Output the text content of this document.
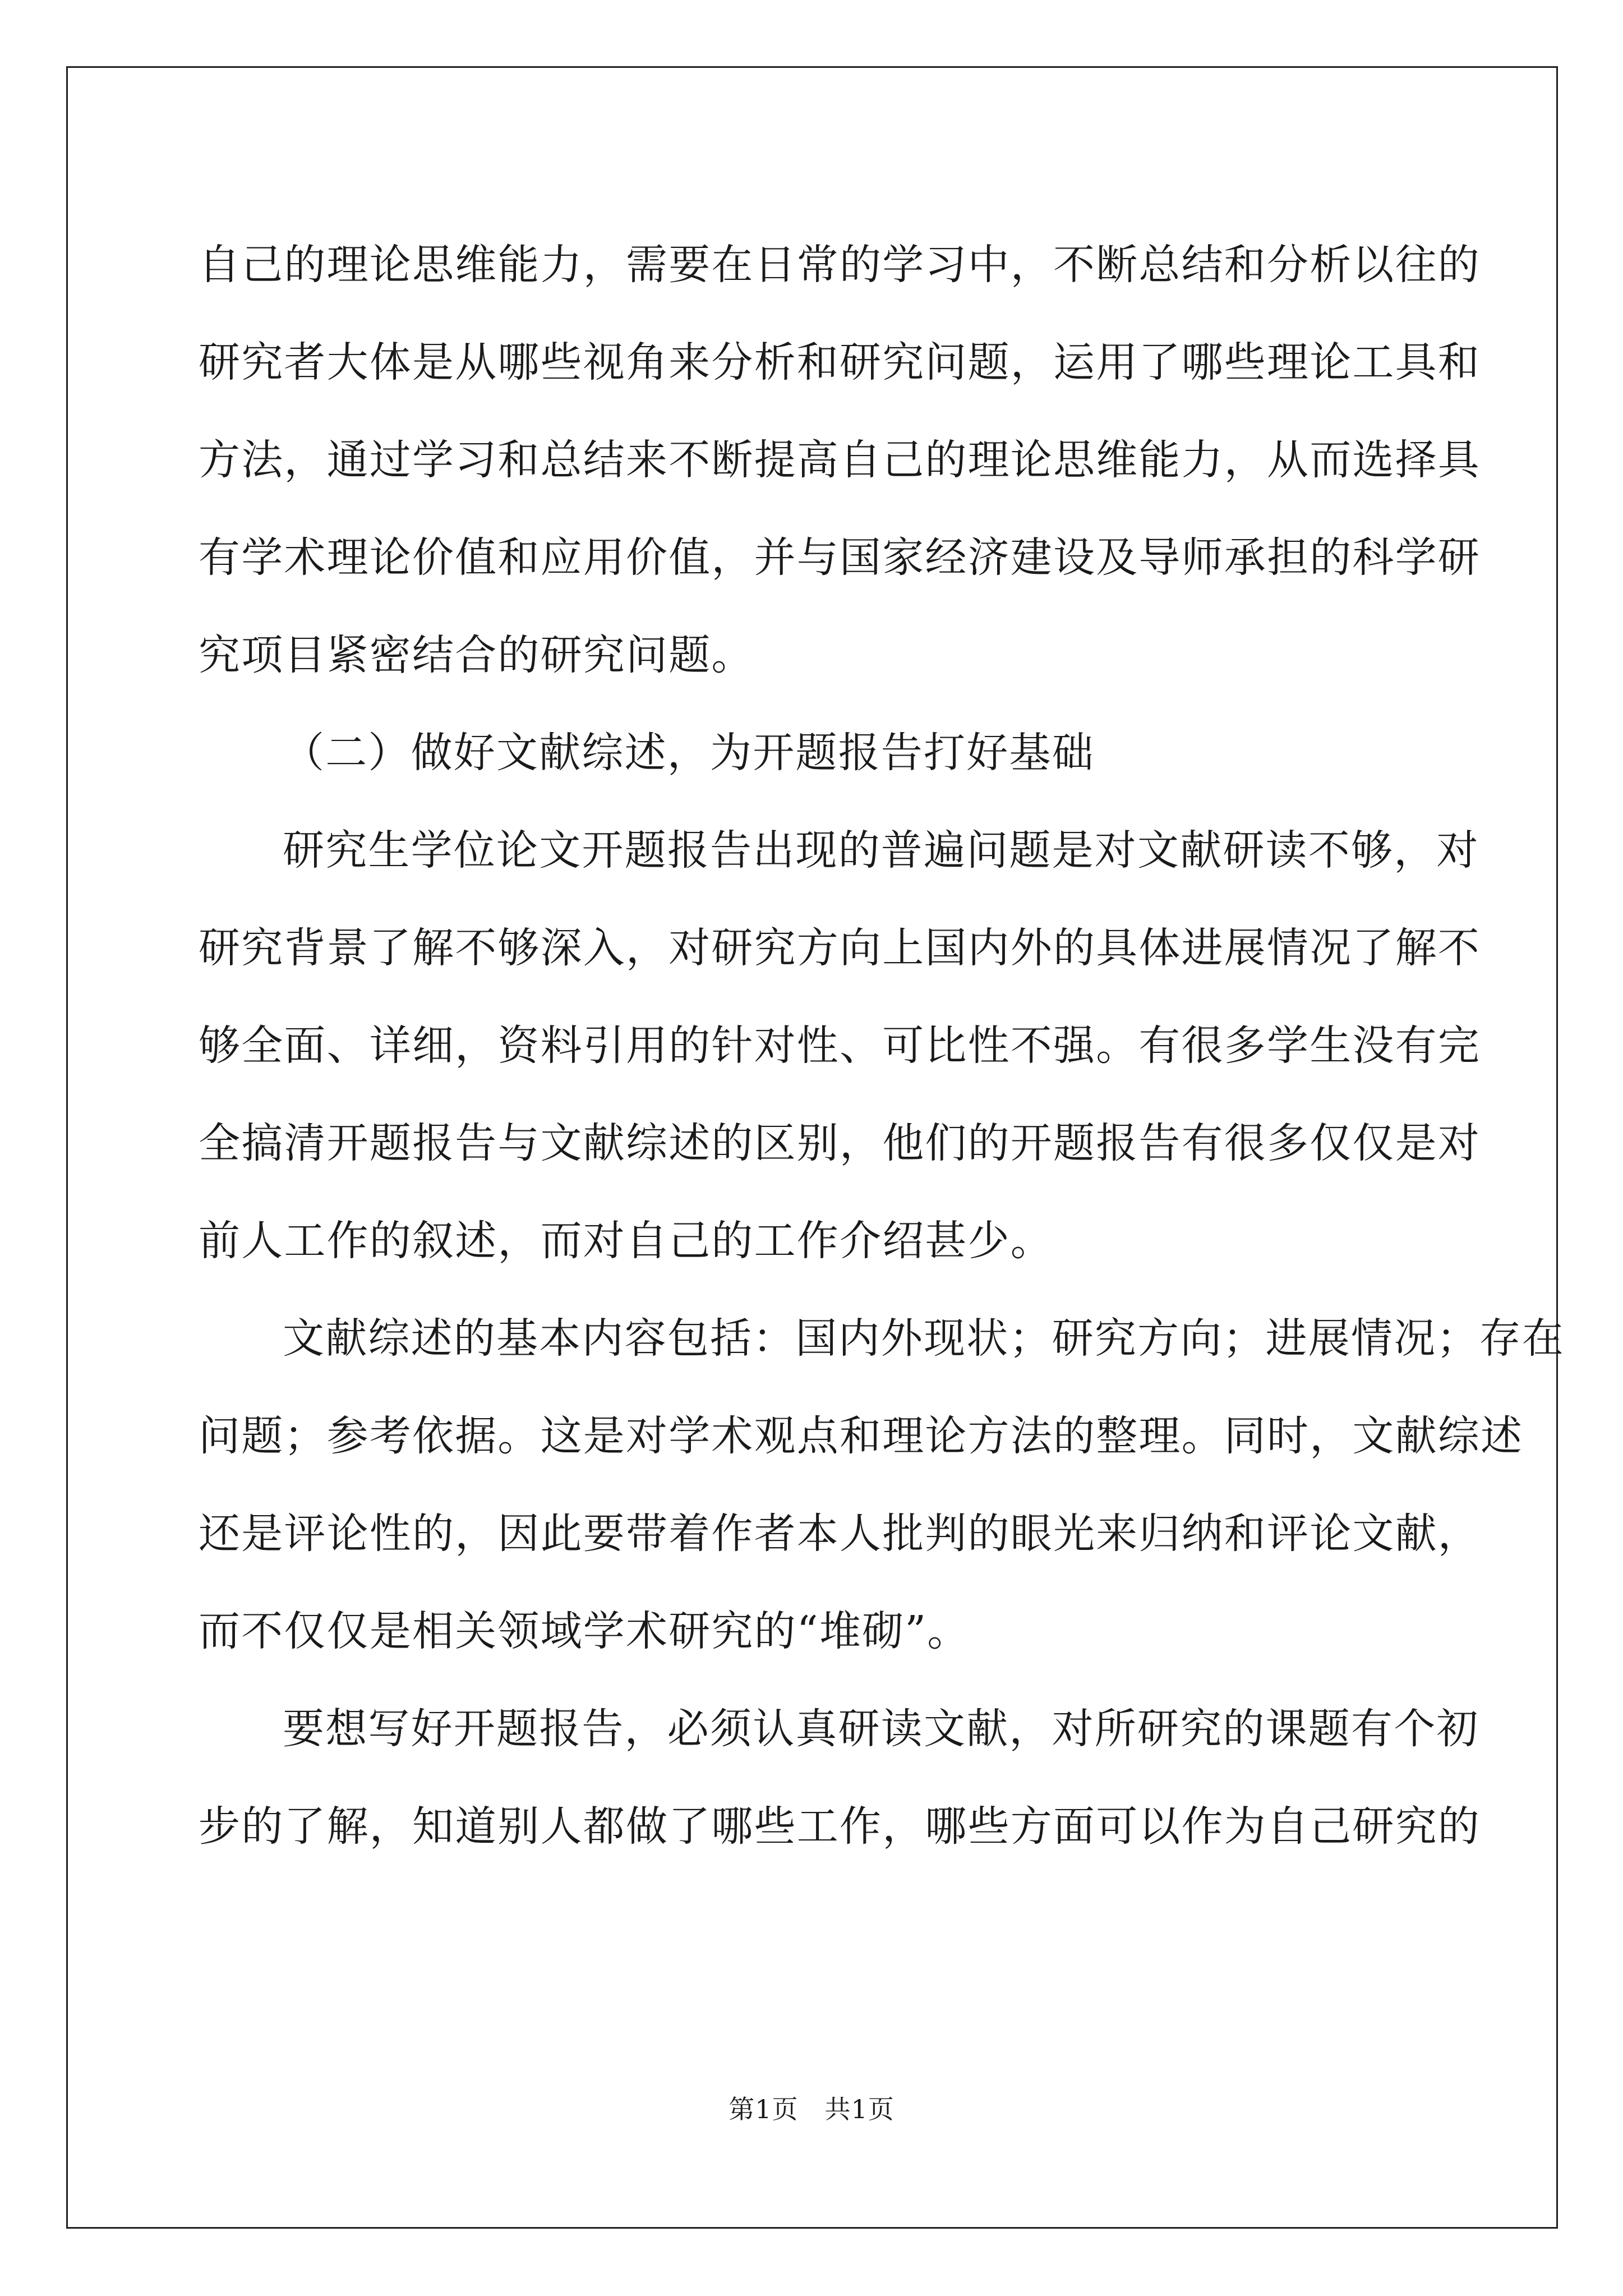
自己的理论思维能力，需要在日常的学习中，不断总结和分析以往的
研究者大体是从哪些视角来分析和研究问题，运用了哪些理论工具和
方法，通过学习和总结来不断提高自己的理论思维能力，从而选择具
有学术理论价值和应用价值，并与国家经济建设及导师承担的科学研
究项目紧密结合的研究问题。

（二）做好文献综述，为开题报告打好基础

研究生学位论文开题报告出现的普遍问题是对文献研读不够，对
研究背景了解不够深入，对研究方向上国内外的具体进展情况了解不
够全面、详细，资料引用的针对性、可比性不强。有很多学生没有完
全搞清开题报告与文献综述的区别，他们的开题报告有很多仅仅是对
前人工作的叙述，而对自己的工作介绍甚少。

文献综述的基本内容包括：国内外现状；研究方向；进展情况；存在
问题；参考依据。这是对学术观点和理论方法的整理。同时，文献综述
还是评论性的，因此要带着作者本人批判的眼光来归纳和评论文献，
而不仅仅是相关领域学术研究的“堆砌”。

要想写好开题报告，必须认真研读文献，对所研究的课题有个初
步的了解，知道别人都做了哪些工作，哪些方面可以作为自己研究的

第1页　共1页
